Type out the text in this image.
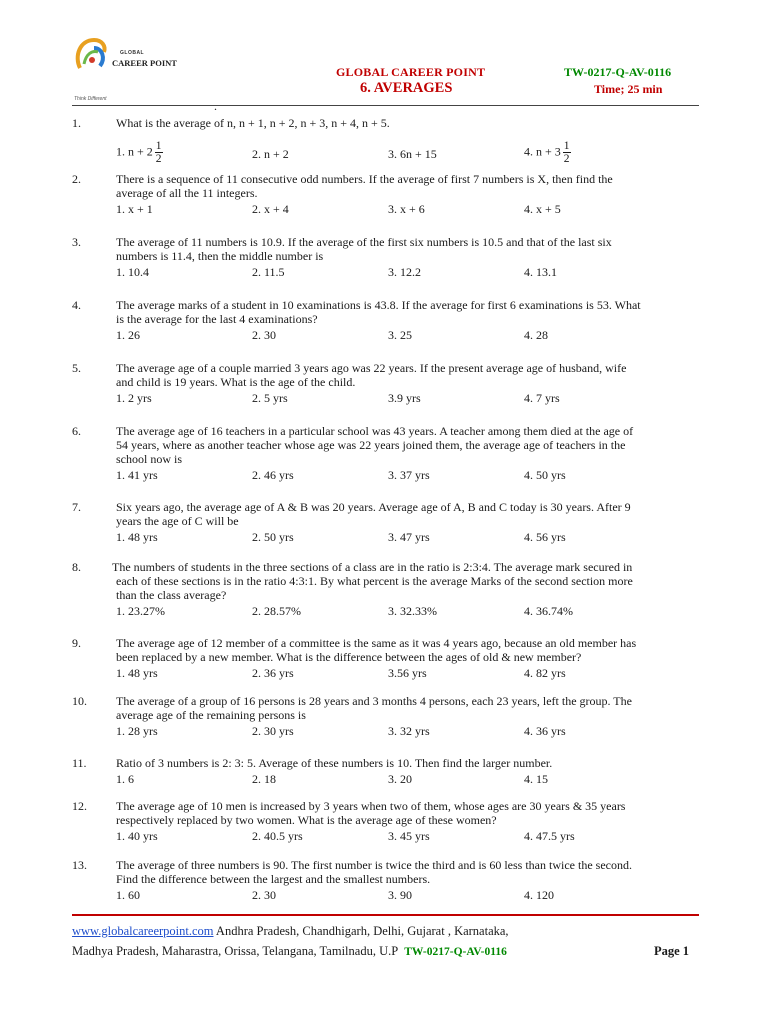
GLOBAL
CAREER POINT
Think Different
GLOBAL CAREER POINT
6. AVERAGES
TW-0217-Q-AV-0116
Time; 25 min
.
1.	What is the average of n, n + 1, n + 2, n + 3, n + 4, n + 5.
1. $n + 2 \frac{1}{2}$	2. n + 2	3. 6n + 15	4. $n + 3 \frac{1}{2}$
2.	There is a sequence of 11 consecutive odd numbers. If the average of first 7 numbers is X, then find the
average of all the 11 integers.
1. x + 1	2. x + 4	3. x + 6	4. x + 5
3.	The average of 11 numbers is 10.9. If the average of the first six numbers is 10.5 and that of the last six
numbers is 11.4, then the middle number is
1. 10.4	2. 11.5	3. 12.2	4. 13.1
4.	The average marks of a student in 10 examinations is 43.8. If the average for first 6 examinations is 53. What
is the average for the last 4 examinations?
1. 26	2. 30	3. 25	4. 28
5.	The average age of a couple married 3 years ago was 22 years. If the present average age of husband, wife
and child is 19 years. What is the age of the child.
1. 2 yrs	2. 5 yrs	3.9 yrs	4. 7 yrs
6.	The average age of 16 teachers in a particular school was 43 years. A teacher among them died at the age of
54 years, where as another teacher whose age was 22 years joined them, the average age of teachers in the
school now is
1. 41 yrs	2. 46 yrs	3. 37 yrs	4. 50 yrs
7.	Six years ago, the average age of A & B was 20 years. Average age of A, B and C today is 30 years. After 9
years the age of C will be
1. 48 yrs	2. 50 yrs	3. 47 yrs	4. 56 yrs
8.	The numbers of students in the three sections of a class are in the ratio is 2:3:4. The average mark secured in
each of these sections is in the ratio 4:3:1. By what percent is the average Marks of the second section more
than the class average?
1. 23.27%	2. 28.57%	3. 32.33%	4. 36.74%
9.	The average age of 12 member of a committee is the same as it was 4 years ago, because an old member has
been replaced by a new member. What is the difference between the ages of old & new member?
1. 48 yrs	2. 36 yrs	3.56 yrs	4. 82 yrs
10.	The average of a group of 16 persons is 28 years and 3 months 4 persons, each 23 years, left the group. The
average age of the remaining persons is
1. 28 yrs	2. 30 yrs	3. 32 yrs	4. 36 yrs
11.	Ratio of 3 numbers is 2: 3: 5. Average of these numbers is 10. Then find the larger number.
1. 6	2. 18	3. 20	4. 15
12.	The average age of 10 men is increased by 3 years when two of them, whose ages are 30 years & 35 years
respectively replaced by two women. What is the average age of these women?
1. 40 yrs	2. 40.5 yrs	3. 45 yrs	4. 47.5 yrs
13.	The average of three numbers is 90. The first number is twice the third and is 60 less than twice the second.
Find the difference between the largest and the smallest numbers.
1. 60	2. 30	3. 90	4. 120
www.globalcareerpoint.com Andhra Pradesh, Chandhigarh, Delhi, Gujarat , Karnataka,
Madhya Pradesh, Maharastra, Orissa, Telangana, Tamilnadu, U.P TW-0217-Q-AV-0116	Page 1
